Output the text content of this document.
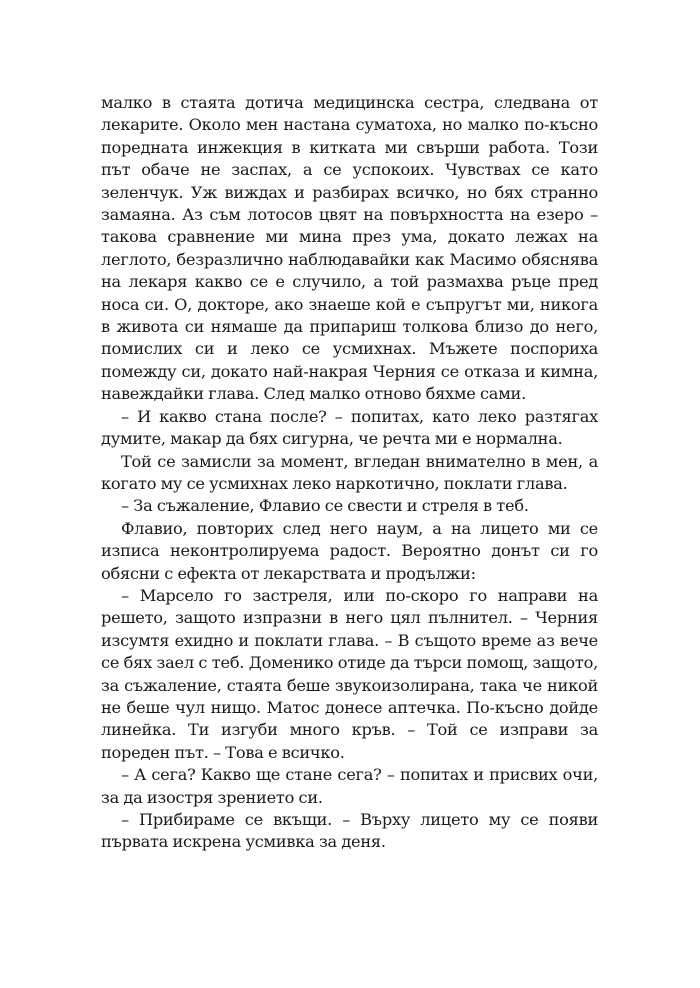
малко в стаята дотича медицинска сестра, следвана от лекарите. Около мен настана суматоха, но малко по-късно поредната инжекция в китката ми свърши работа. Този път обаче не заспах, а се успокоих. Чувствах се като зеленчук. Уж виждах и разбирах всичко, но бях странно замаяна. Аз съм лотосов цвят на повърхността на езеро – такова сравнение ми мина през ума, докато лежах на леглото, безразлично наблюдавайки как Масимо обяснява на лекаря какво се е случило, а той размахва ръце пред носа си. О, докторе, ако знаеше кой е съпругът ми, никога в живота си нямаше да припариш толкова близо до него, помислих си и леко се усмихнах. Мъжете поспориха помежду си, докато най-накрая Черния се отказа и кимна, навеждайки глава. След малко отново бяхме сами.

– И какво стана после? – попитах, като леко разтягах думите, макар да бях сигурна, че речта ми е нормална.

Той се замисли за момент, вгледан внимателно в мен, а когато му се усмихнах леко наркотично, поклати глава.

– За съжаление, Флавио се свести и стреля в теб.

Флавио, повторих след него наум, а на лицето ми се изписа неконтролируема радост. Вероятно донът си го обясни с ефекта от лекарствата и продължи:

– Марсело го застреля, или по-скоро го направи на решето, защото изпразни в него цял пълнител. – Черния изсумтя ехидно и поклати глава. – В същото време аз вече се бях заел с теб. Доменико отиде да търси помощ, защото, за съжаление, стаята беше звукоизолирана, така че никой не беше чул нищо. Матос донесе аптечка. По-късно дойде линейка. Ти изгуби много кръв. – Той се изправи за пореден път. – Това е всичко.

– А сега? Какво ще стане сега? – попитах и присвих очи, за да изостря зрението си.

– Прибираме се вкъщи. – Върху лицето му се появи първата искрена усмивка за деня.
